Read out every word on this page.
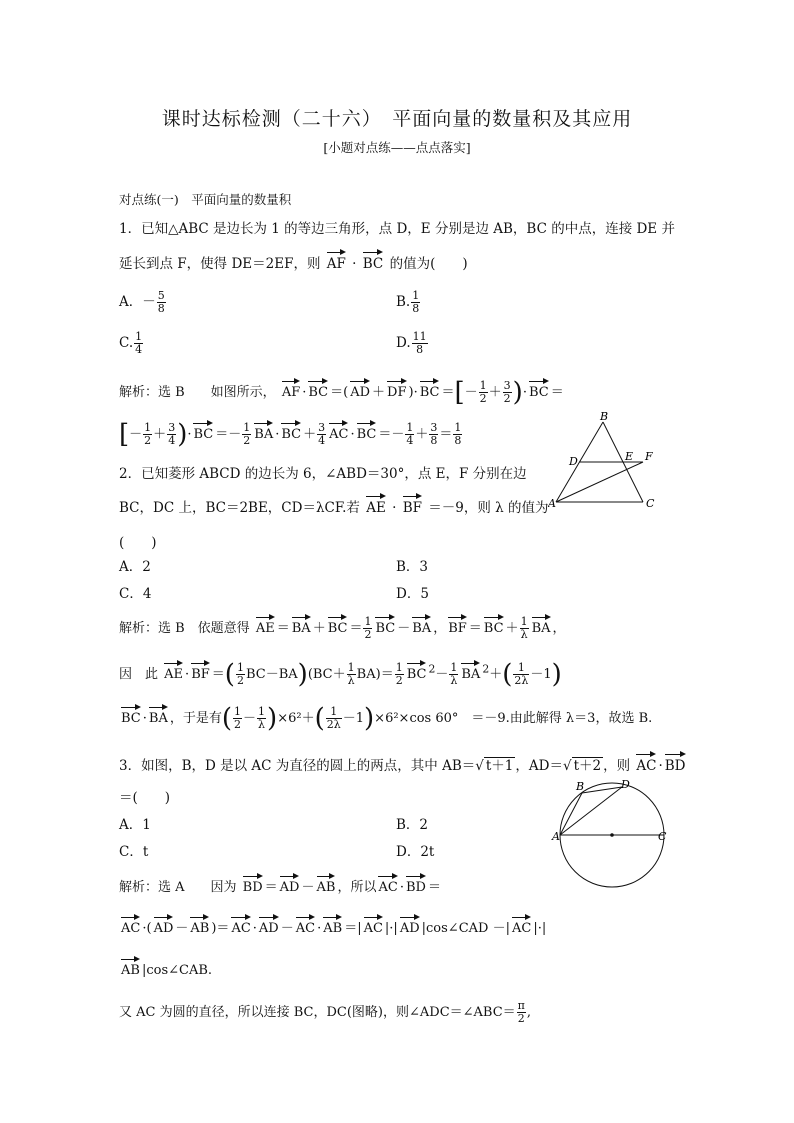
课时达标检测（二十六）　平面向量的数量积及其应用
[小题对点练——点点落实]
对点练(一)　平面向量的数量积
1．已知△ABC 是边长为 1 的等边三角形，点 D，E 分别是边 AB，BC 的中点，连接 DE 并
延长到点 F，使得 DE＝2EF，则 AF · BC 的值为(　　)
A．－ $\frac{5}{8}$	B. $\frac{1}{8}$
C. $\frac{1}{4}$	D. $\frac{11}{8}$
解析：选 B　　如图所示， AF · BC ＝( AD ＋ DF )· BC ＝[－ $\frac{1}{2} + \frac{3}{2}$ )· BC ＝
[－ $\frac{1}{2} + \frac{3}{4}$ )· BC ＝－ $\frac{1}{2}$ BA · BC ＋ $\frac{3}{4}$ AC · BC ＝－ $\frac{1}{4} + \frac{3}{8} = \frac{1}{8}$
B
D	E F
A	C
2．已知菱形 ABCD 的边长为 6，∠ABD＝30°，点 E，F 分别在边
BC，DC 上，BC＝2BE，CD＝λCF.若 AE · BF ＝－9，则 λ 的值为
(　　)
A．2	B．3
C．4	D．5
解析：选 B　依题意得 AE ＝ BA ＋ BC ＝ $\frac{1}{2}$ BC － BA ， BF ＝ BC ＋ $\frac{1}{\lambda}$ BA ，
因　此 AE · BF ＝( $\frac{1}{2} BC-BA)(BC+ \frac{1}{\lambda} BA)= \frac{1}{2}$ BC $^2- \frac{1}{\lambda}$ BA $^2+( \frac{1}{2\lambda} -1)$
BC · BA ，于是有( $\frac{1}{2} - \frac{1}{\lambda} )\times 6^2+( \frac{1}{2\lambda} -1)\times 6^2\times\cos$ 60°　＝－9.由此解得 λ＝3，故选 B.
3．如图，B，D 是以 AC 为直径的圆上的两点，其中 AB＝√ t＋1 ，AD＝√ t＋2 ，则 AC · BD
＝(　　)
A．1	B．2
C．t	D．2t
B	D
A	C
解析：选 A　　因为 BD ＝ AD － AB ，所以 AC · BD ＝
AC ·( AD － AB )＝ AC · AD － AC · AB ＝| AC |·| AD |cos∠CAD －| AC |·|
AB |cos∠CAB.
又 AC 为圆的直径，所以连接 BC，DC(图略)，则∠ADC＝∠ABC＝ $\frac{\pi}{2}$ ,
